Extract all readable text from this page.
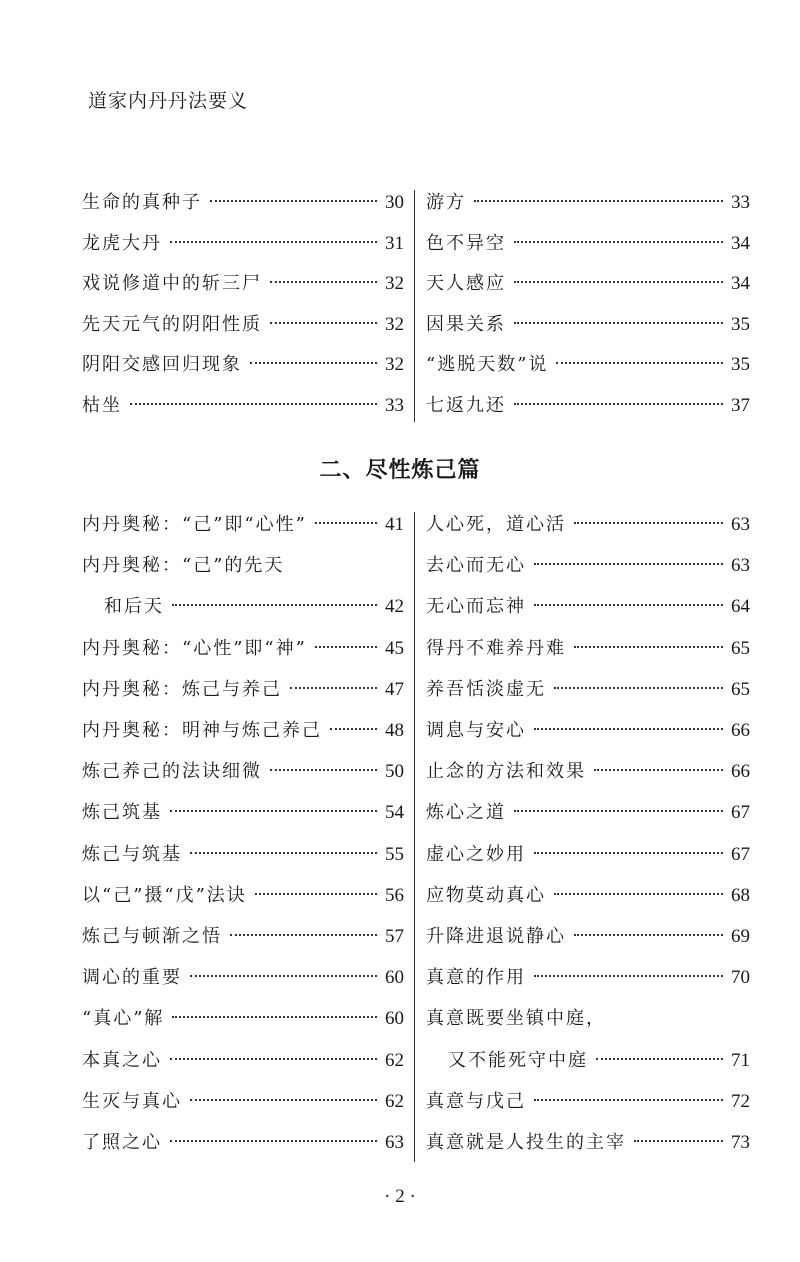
道家内丹丹法要义
生命的真种子	30
龙虎大丹	31
戏说修道中的斩三尸	32
先天元气的阴阳性质	32
阴阳交感回归现象	32
枯坐	33
游方	33
色不异空	34
天人感应	34
因果关系	35
“逃脱天数”说	35
七返九还	37
二、尽性炼己篇
内丹奥秘：“己”即“心性”	41
内丹奥秘：“己”的先天
和后天	42
内丹奥秘：“心性”即“神”	45
内丹奥秘：炼己与养己	47
内丹奥秘：明神与炼己养己	48
炼己养己的法诀细微	50
炼己筑基	54
炼己与筑基	55
以“己”摄“戊”法诀	56
炼己与顿渐之悟	57
调心的重要	60
“真心”解	60
本真之心	62
生灭与真心	62
了照之心	63
人心死，道心活	63
去心而无心	63
无心而忘神	64
得丹不难养丹难	65
养吾恬淡虚无	65
调息与安心	66
止念的方法和效果	66
炼心之道	67
虚心之妙用	67
应物莫动真心	68
升降进退说静心	69
真意的作用	70
真意既要坐镇中庭，
又不能死守中庭	71
真意与戊己	72
真意就是人投生的主宰	73
· 2 ·
